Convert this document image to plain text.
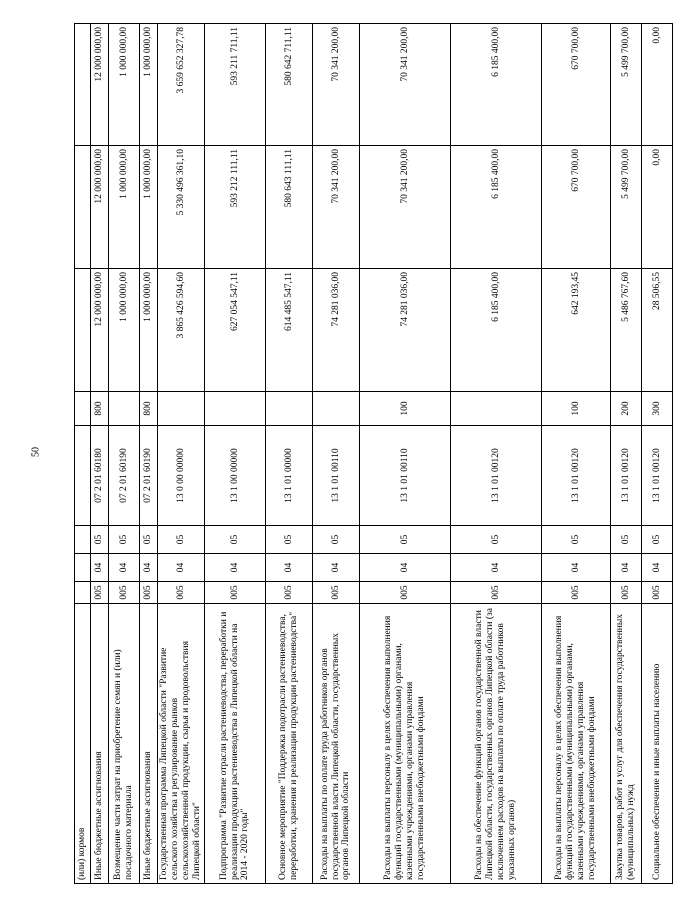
50
(или) кормов								
Иные бюджетные ассигнования	005	04	05	07 2 01 60180	800	12 000 000,00	12 000 000,00	12 000 000,00
Возмещение части затрат на приобретение семян и (или) посадочного материала	005	04	05	07 2 01 60190		1 000 000,00	1 000 000,00	1 000 000,00
Иные бюджетные ассигнования	005	04	05	07 2 01 60190	800	1 000 000,00	1 000 000,00	1 000 000,00
Государственная программа Липецкой области "Развитие сельского хозяйства и регулирование рынков сельскохозяйственной продукции, сырья и продовольствия Липецкой области"	005	04	05	13 0 00 00000		3 865 426 594,60	5 330 496 361,10	3 659 652 327,78
Подпрограмма "Развитие отрасли растениеводства, переработки и реализации продукции растениеводства в Липецкой области на 2014 - 2020 годы"	005	04	05	13 1 00 00000		627 054 547,11	593 212 111,11	593 211 711,11
Основное мероприятие "Поддержка подотрасли растениеводства, переработки, хранения и реализации продукции растениеводства"	005	04	05	13 1 01 00000		614 485 547,11	580 643 111,11	580 642 711,11
Расходы на выплаты по оплате труда работников органов государственной власти Липецкой области, государственных органов Липецкой области	005	04	05	13 1 01 00110		74 281 036,00	70 341 200,00	70 341 200,00
Расходы на выплаты персоналу в целях обеспечения выполнения функций государственными (муниципальными) органами, казенными учреждениями, органами управления государственными внебюджетными фондами	005	04	05	13 1 01 00110	100	74 281 036,00	70 341 200,00	70 341 200,00
Расходы на обеспечение функций органов государственной власти Липецкой области, государственных органов Липецкой области (за исключением расходов на выплаты по оплате труда работников указанных органов)	005	04	05	13 1 01 00120		6 185 400,00	6 185 400,00	6 185 400,00
Расходы на выплаты персоналу в целях обеспечения выполнения функций государственными (муниципальными) органами, казенными учреждениями, органами управления государственными внебюджетными фондами	005	04	05	13 1 01 00120	100	642 193,45	670 700,00	670 700,00
Закупка товаров, работ и услуг для обеспечения государственных (муниципальных) нужд	005	04	05	13 1 01 00120	200	5 486 767,60	5 499 700,00	5 499 700,00
Социальное обеспечение и иные выплаты населению	005	04	05	13 1 01 00120	300	28 506,55	0,00	0,00
